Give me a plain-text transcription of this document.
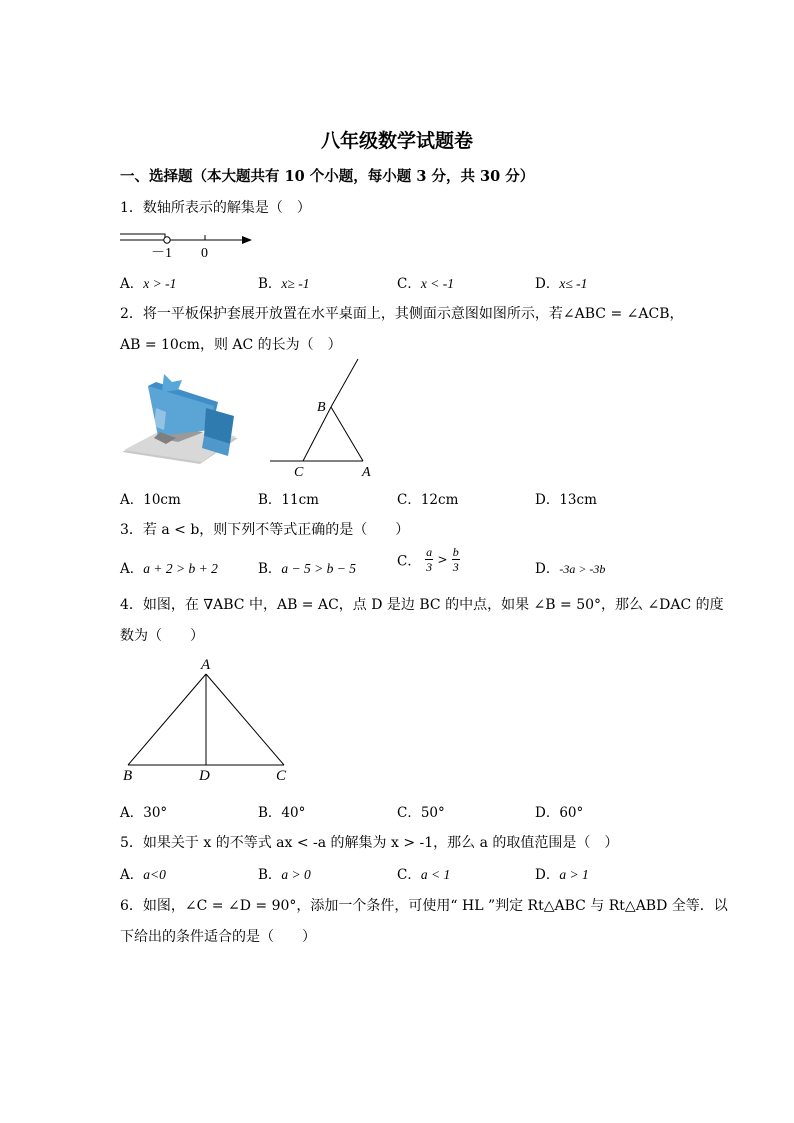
八年级数学试题卷
一、选择题（本大题共有 10 个小题，每小题 3 分，共 30 分）
1．数轴所表示的解集是（　）
－1 0
A．x > -1	B．x≥ -1	C．x < -1	D．x≤ -1
2．将一平板保护套展开放置在水平桌面上，其侧面示意图如图所示，若∠ABC = ∠ACB，
AB = 10cm，则 AC 的长为（　）
B
C	A
A．10cm	B．11cm	C．12cm	D．13cm
3．若 a < b，则下列不等式正确的是（　　）
A．a + 2 > b + 2	B．a − 5 > b − 5	C． $\frac{a}{3} > \frac{b}{3}$	D．-3a > -3b
4．如图，在 ∇ABC 中，AB = AC，点 D 是边 BC 的中点，如果 ∠B = 50°，那么 ∠DAC 的度
数为（　　）
A
B	D	C
A．30°	B．40°	C．50°	D．60°
5．如果关于 x 的不等式 ax < -a 的解集为 x > -1，那么 a 的取值范围是（　）
A．a<0	B．a > 0	C．a < 1	D．a > 1
6．如图，∠C = ∠D = 90°，添加一个条件，可使用“ HL ”判定 Rt△ABC 与 Rt△ABD 全等．以
下给出的条件适合的是（　　）
